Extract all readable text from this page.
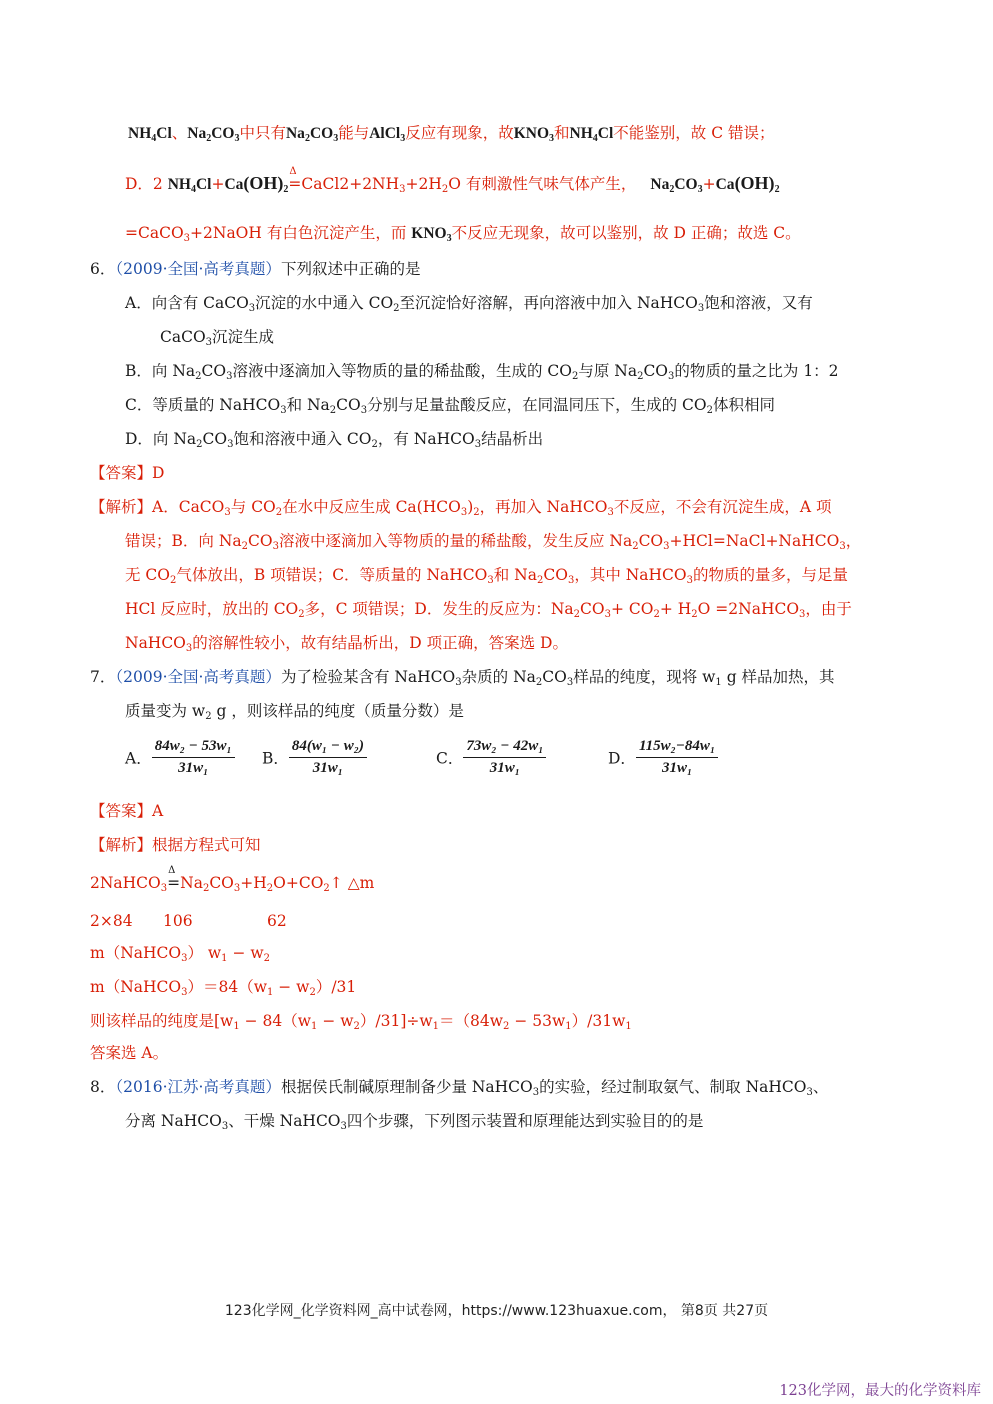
$NH_4Cl$、$Na_2CO_3$中只有$Na_2CO_3$能与AlCl$_3$反应有现象，故$KNO_3$和$NH_4Cl$不能鉴别，故 C 错误；
D．2 $NH_4Cl+Ca(OH)_2$
Δ
$=CaCl2+2NH_3+2H_2O$ 有刺激性气味气体产生， $Na_2CO_3+Ca(OH)_2$
=CaCO$_3$+2NaOH 有白色沉淀产生，而 $KNO_3$不反应无现象，故可以鉴别，故 D 正确；故选 C。
6．（2009·全国·高考真题）下列叙述中正确的是
A．向含有 CaCO$_3$沉淀的水中通入 $CO_2$至沉淀恰好溶解，再向溶液中加入 NaHCO$_3$饱和溶液，又有
CaCO$_3$沉淀生成
B．向 $Na_2CO_3$溶液中逐滴加入等物质的量的稀盐酸，生成的 $CO_2$与原 $Na_2CO_3$的物质的量之比为 1：2
C．等质量的 NaHCO$_3$和 $Na_2CO_3$分别与足量盐酸反应，在同温同压下，生成的 $CO_2$体积相同
D．向 $Na_2CO_3$饱和溶液中通入 $CO_2$，有 NaHCO$_3$结晶析出
【答案】D
【解析】A．CaCO$_3$与 $CO_2$在水中反应生成 $Ca(HCO_3)_2$，再加入 NaHCO$_3$不反应，不会有沉淀生成，A 项
错误；B．向 $Na_2CO_3$溶液中逐滴加入等物质的量的稀盐酸，发生反应 $Na_2CO_3+HCl=NaCl+NaHCO_3$，
无 $CO_2$气体放出，B 项错误；C．等质量的 NaHCO$_3$和 $Na_2CO_3$，其中 NaHCO$_3$的物质的量多，与足量
HCl 反应时，放出的 $CO_2$多，C 项错误；D．发生的反应为：$Na_2CO_3+ CO_2+ H_2O$ =2NaHCO$_3$，由于
NaHCO$_3$的溶解性较小，故有结晶析出，D 项正确，答案选 D。
7．（2009·全国·高考真题）为了检验某含有 NaHCO$_3$杂质的 $Na_2CO_3$样品的纯度，现将 $w_1$ g 样品加热，其
质量变为 $w_2$ g ，则该样品的纯度（质量分数）是
A． $\frac{\text{84w₂ − 53w₁}}{\text{31w₁}}$ B． $\frac{\text{84(w₁ − w₂)}}{\text{31w₁}}$	C． $\frac{\text{73w₂ − 42w₁}}{\text{31w₁}}$	D． $\frac{\text{115w₂−84w₁}}{\text{31w₁}}$
【答案】A
【解析】根据方程式可知
2NaHCO$_3$
Δ
$=Na_2CO_3+H_2O+CO_2↑$ △m
2×84 106	62
m（NaHCO$_3$） $w_1 - w_2$
$m(NaHCO_3)=84(w_1 - w_2)/31$
则该样品的纯度是$[w_1 - 84(w_1 - w_2)/31]\div w_1=(84w_2 - 53w_1)/31w_1$
答案选 A。
8．（2016·江苏·高考真题）根据侯氏制碱原理制备少量 NaHCO$_3$的实验，经过制取氨气、制取 NaHCO$_3$、
分离 NaHCO$_3$、干燥 NaHCO$_3$四个步骤，下列图示装置和原理能达到实验目的的是
123化学网_化学资料网_高中试卷网，https://www.123huaxue.com， 第8页 共27页
123化学网，最大的化学资料库
